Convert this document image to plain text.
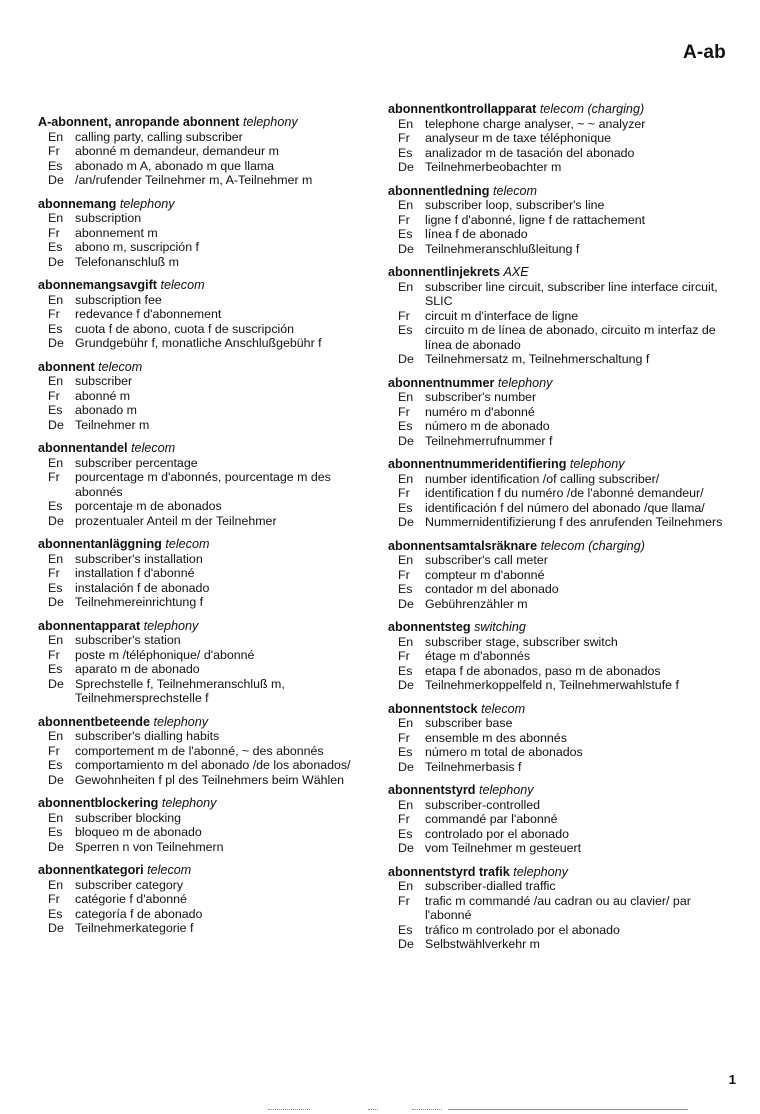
A-ab
A-abonnent, anropande abonnent telephony
En calling party, calling subscriber
Fr	abonné m demandeur, demandeur m
Es	abonado m A, abonado m que llama
De /an/rufender Teilnehmer m, A-Teilnehmer m
abonnemang telephony
En subscription
Fr	abonnement m
Es	abono m, suscripción f
De Telefonanschluß m
abonnemangsavgift telecom
En subscription fee
Fr	redevance f d'abonnement
Es	cuota f de abono, cuota f de suscripción
De Grundgebühr f, monatliche Anschlußgebühr f
abonnent telecom
En subscriber
Fr	abonné m
Es	abonado m
De Teilnehmer m
abonnentandel telecom
En subscriber percentage
Fr	pourcentage m d'abonnés, pourcentage m des abonnés
Es	porcentaje m de abonados
De prozentualer Anteil m der Teilnehmer
abonnentanläggning telecom
En subscriber's installation
Fr	installation f d'abonné
Es	instalación f de abonado
De Teilnehmereinrichtung f
abonnentapparat telephony
En subscriber's station
Fr	poste m /téléphonique/ d'abonné
Es	aparato m de abonado
De Sprechstelle f, Teilnehmeranschluß m, Teilnehmersprechstelle f
abonnentbeteende telephony
En subscriber's dialling habits
Fr	comportement m de l'abonné, ~ des abonnés
Es	comportamiento m del abonado /de los abonados/
De Gewohnheiten f pl des Teilnehmers beim Wählen
abonnentblockering telephony
En subscriber blocking
Es	bloqueo m de abonado
De Sperren n von Teilnehmern
abonnentkategori telecom
En subscriber category
Fr	catégorie f d'abonné
Es	categoría f de abonado
De Teilnehmerkategorie f
abonnentkontrollapparat telecom (charging)
En telephone charge analyser, ~ ~ analyzer
Fr	analyseur m de taxe téléphonique
Es	analizador m de tasación del abonado
De Teilnehmerbeobachter m
abonnentledning telecom
En subscriber loop, subscriber's line
Fr	ligne f d'abonné, ligne f de rattachement
Es	línea f de abonado
De Teilnehmeranschlußleitung f
abonnentlinjekrets AXE
En subscriber line circuit, subscriber line interface circuit, SLIC
Fr	circuit m d'interface de ligne
Es	circuito m de línea de abonado, circuito m interfaz de línea de abonado
De Teilnehmersatz m, Teilnehmerschaltung f
abonnentnummer telephony
En subscriber's number
Fr	numéro m d'abonné
Es	número m de abonado
De Teilnehmerrufnummer f
abonnentnummeridentifiering telephony
En number identification /of calling subscriber/
Fr	identification f du numéro /de l'abonné demandeur/
Es	identificación f del número del abonado /que llama/
De Nummernidentifizierung f des anrufenden Teilnehmers
abonnentsamtalsräknare telecom (charging)
En subscriber's call meter
Fr	compteur m d'abonné
Es	contador m del abonado
De Gebührenzähler m
abonnentsteg switching
En subscriber stage, subscriber switch
Fr	étage m d'abonnés
Es	etapa f de abonados, paso m de abonados
De Teilnehmerkoppelfeld n, Teilnehmerwahlstufe f
abonnentstock telecom
En subscriber base
Fr	ensemble m des abonnés
Es	número m total de abonados
De Teilnehmerbasis f
abonnentstyrd telephony
En subscriber-controlled
Fr	commandé par l'abonné
Es	controlado por el abonado
De vom Teilnehmer m gesteuert
abonnentstyrd trafik telephony
En subscriber-dialled traffic
Fr	trafic m commandé /au cadran ou au clavier/ par l'abonné
Es	tráfico m controlado por el abonado
De Selbstwählverkehr m
1
